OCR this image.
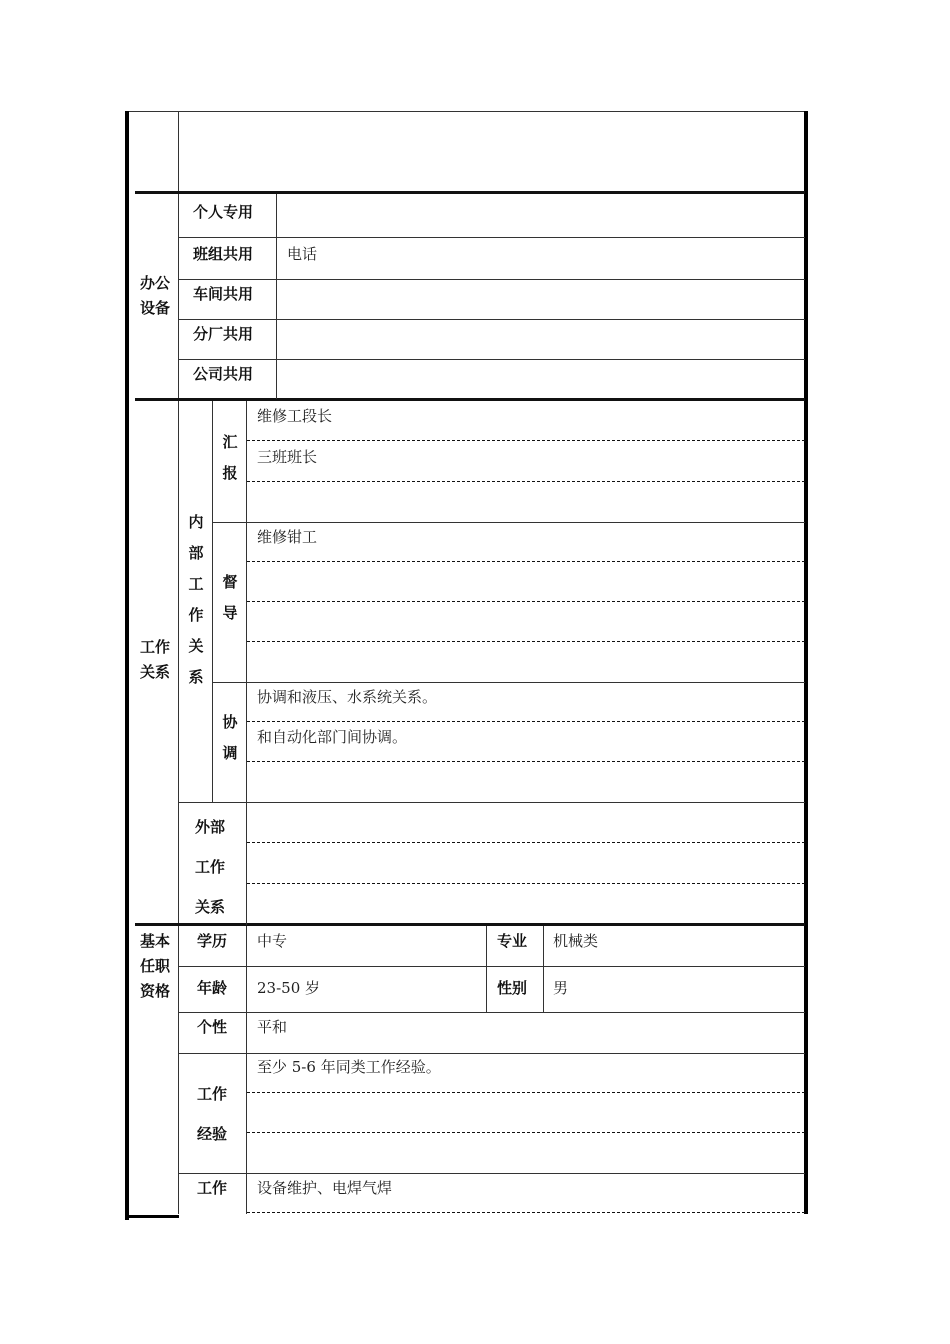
办公
设备
个人专用
班组共用 电话
车间共用
分厂共用
公司共用
工作
关系
内
部
工
作
关
系
汇
报
维修工段长
三班班长
督
导
维修钳工
协
调
协调和液压、水系统关系。
和自动化部门间协调。
外部
工作
关系
基本
任职
资格
学历 中专	专业 机械类
年龄 23-50 岁	性别 男
个性 平和
工作
经验
至少 5-6 年同类工作经验。
工作 设备维护、电焊气焊
